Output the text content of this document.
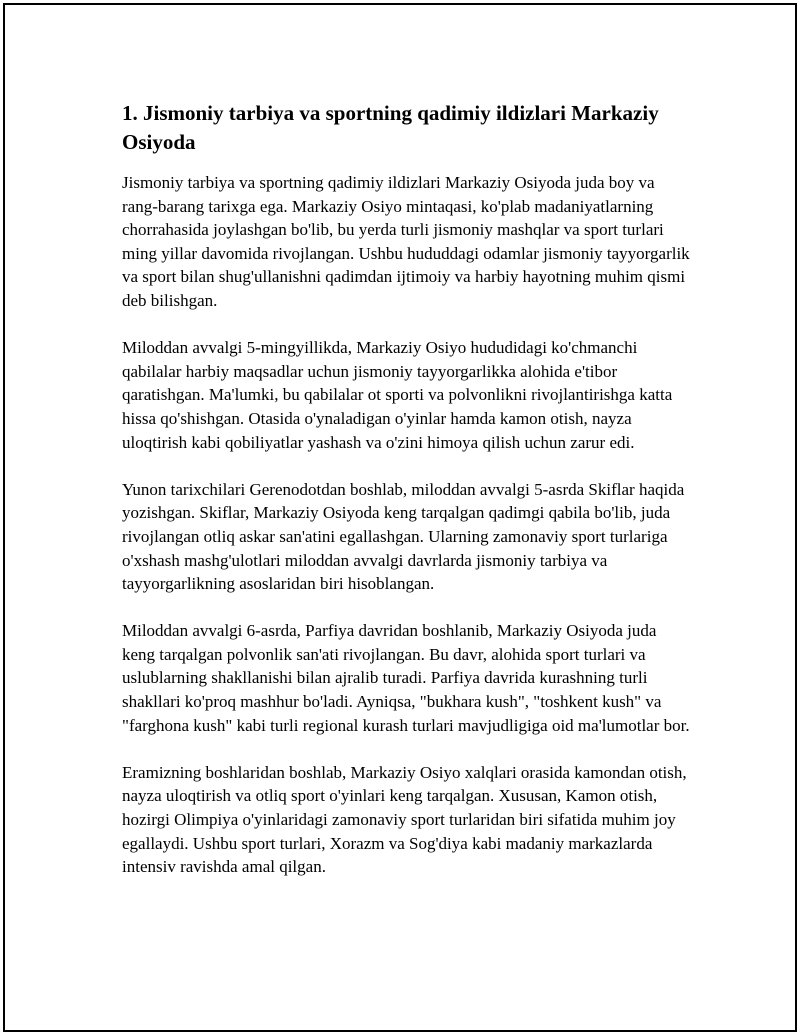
1. Jismoniy tarbiya va sportning qadimiy ildizlari Markaziy Osiyoda

Jismoniy tarbiya va sportning qadimiy ildizlari Markaziy Osiyoda juda boy va rang-barang tarixga ega. Markaziy Osiyo mintaqasi, ko'plab madaniyatlarning chorrahasida joylashgan bo'lib, bu yerda turli jismoniy mashqlar va sport turlari ming yillar davomida rivojlangan. Ushbu hududdagi odamlar jismoniy tayyorgarlik va sport bilan shug'ullanishni qadimdan ijtimoiy va harbiy hayotning muhim qismi deb bilishgan.

Miloddan avvalgi 5-mingyillikda, Markaziy Osiyo hududidagi ko'chmanchi qabilalar harbiy maqsadlar uchun jismoniy tayyorgarlikka alohida e'tibor qaratishgan. Ma'lumki, bu qabilalar ot sporti va polvonlikni rivojlantirishga katta hissa qo'shishgan. Otasida o'ynaladigan o'yinlar hamda kamon otish, nayza uloqtirish kabi qobiliyatlar yashash va o'zini himoya qilish uchun zarur edi.

Yunon tarixchilari Gerenodotdan boshlab, miloddan avvalgi 5-asrda Skiflar haqida yozishgan. Skiflar, Markaziy Osiyoda keng tarqalgan qadimgi qabila bo'lib, juda rivojlangan otliq askar san'atini egallashgan. Ularning zamonaviy sport turlariga o'xshash mashg'ulotlari miloddan avvalgi davrlarda jismoniy tarbiya va tayyorgarlikning asoslaridan biri hisoblangan.

Miloddan avvalgi 6-asrda, Parfiya davridan boshlanib, Markaziy Osiyoda juda keng tarqalgan polvonlik san'ati rivojlangan. Bu davr, alohida sport turlari va uslublarning shakllanishi bilan ajralib turadi. Parfiya davrida kurashning turli shakllari ko'proq mashhur bo'ladi. Ayniqsa, "bukhara kush", "toshkent kush" va "farghona kush" kabi turli regional kurash turlari mavjudligiga oid ma'lumotlar bor.

Eramizning boshlaridan boshlab, Markaziy Osiyo xalqlari orasida kamondan otish, nayza uloqtirish va otliq sport o'yinlari keng tarqalgan. Xususan, Kamon otish, hozirgi Olimpiya o'yinlaridagi zamonaviy sport turlaridan biri sifatida muhim joy egallaydi. Ushbu sport turlari, Xorazm va Sog'diya kabi madaniy markazlarda intensiv ravishda amal qilgan.
